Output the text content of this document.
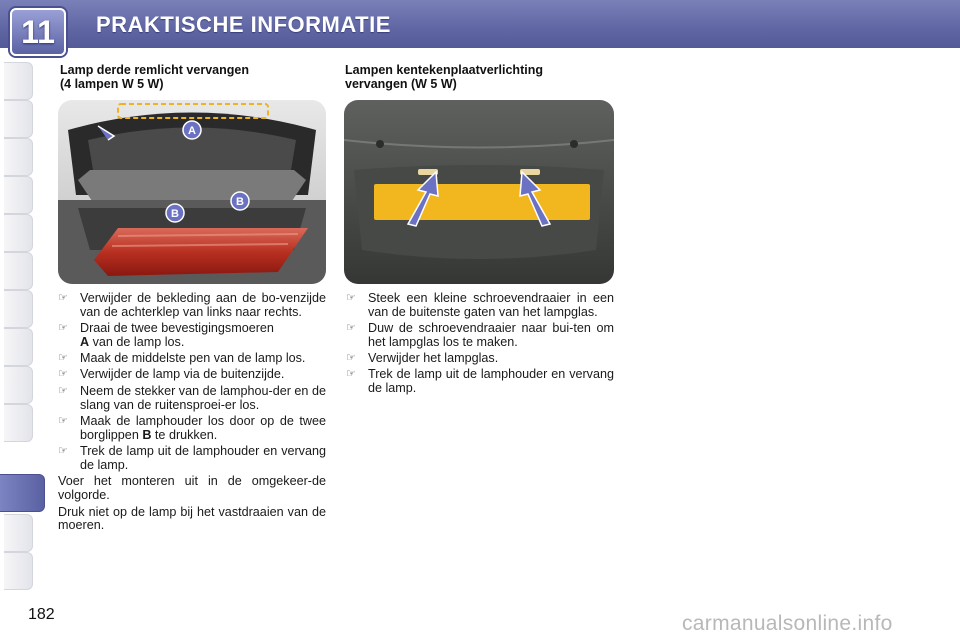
11	PRAKTISCHE INFORMATIE
Lamp derde remlicht vervangen
(4 lampen W 5 W)
Lampen kentekenplaatverlichting
vervangen (W 5 W)
A
B
B
☞ Verwijder de bekleding aan de bo-venzijde van de achterklep van links naar rechts.
☞ Draai de twee bevestigingsmoeren
A van de lamp los.
☞ Maak de middelste pen van de lamp los.
☞ Verwijder de lamp via de buitenzijde.
☞ Neem de stekker van de lamphou-der en de slang van de ruitensproei-er los.
☞ Maak de lamphouder los door op de twee borglippen B te drukken.
☞ Trek de lamp uit de lamphouder en vervang de lamp.
Voer het monteren uit in de omgekeer-de volgorde.
Druk niet op de lamp bij het vastdraaien van de moeren.
☞ Steek een kleine schroevendraaier in een van de buitenste gaten van het lampglas.
☞ Duw de schroevendraaier naar bui-ten om het lampglas los te maken.
☞ Verwijder het lampglas.
☞ Trek de lamp uit de lamphouder en vervang de lamp.
182	carmanualsonline.info
